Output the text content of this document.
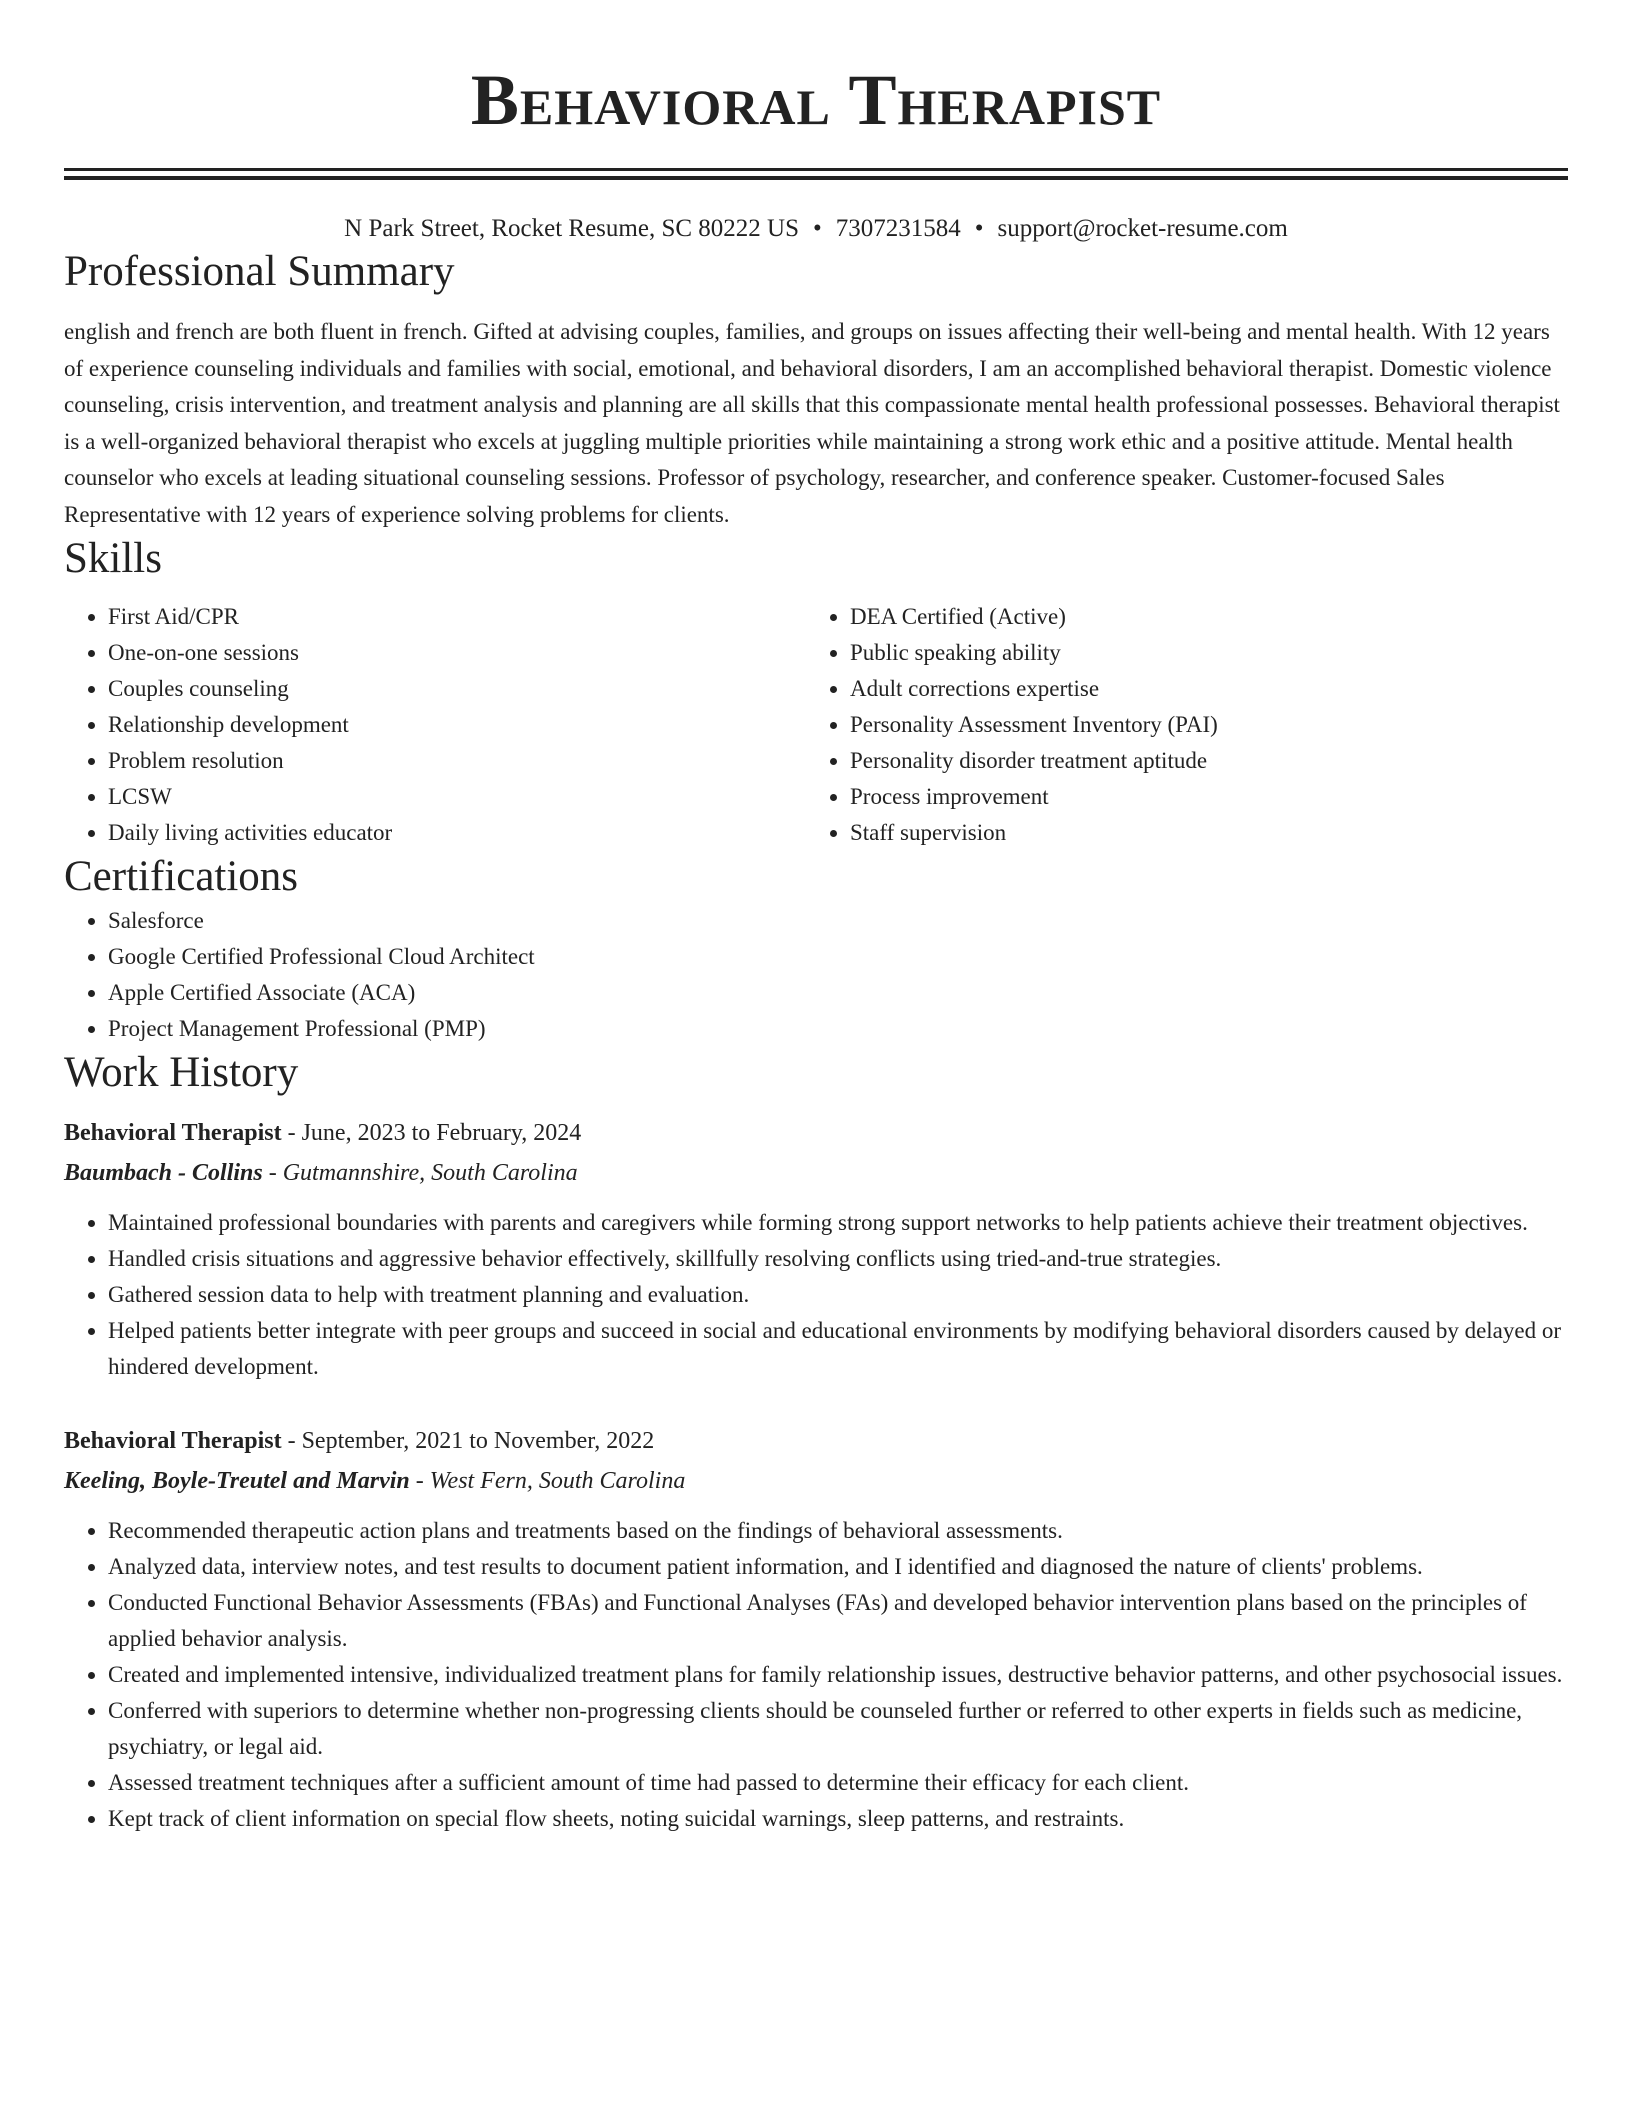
Behavioral Therapist
N Park Street, Rocket Resume, SC 80222 US • 7307231584 • support@rocket-resume.com
Professional Summary

english and french are both fluent in french. Gifted at advising couples, families, and groups on issues affecting their well-being and mental health. With 12 years of experience counseling individuals and families with social, emotional, and behavioral disorders, I am an accomplished behavioral therapist. Domestic violence counseling, crisis intervention, and treatment analysis and planning are all skills that this compassionate mental health professional possesses. Behavioral therapist is a well-organized behavioral therapist who excels at juggling multiple priorities while maintaining a strong work ethic and a positive attitude. Mental health counselor who excels at leading situational counseling sessions. Professor of psychology, researcher, and conference speaker. Customer-focused Sales Representative with 12 years of experience solving problems for clients.

Skills
• First Aid/CPR
• One-on-one sessions
• Couples counseling
• Relationship development
• Problem resolution
• LCSW
• Daily living activities educator
• DEA Certified (Active)
• Public speaking ability
• Adult corrections expertise
• Personality Assessment Inventory (PAI)
• Personality disorder treatment aptitude
• Process improvement
• Staff supervision
Certifications
• Salesforce
• Google Certified Professional Cloud Architect
• Apple Certified Associate (ACA)
• Project Management Professional (PMP)
Work History
Behavioral Therapist - June, 2023 to February, 2024
Baumbach - Collins - Gutmannshire, South Carolina
• Maintained professional boundaries with parents and caregivers while forming strong support networks to help patients achieve their treatment objectives.
• Handled crisis situations and aggressive behavior effectively, skillfully resolving conflicts using tried-and-true strategies.
• Gathered session data to help with treatment planning and evaluation.
• Helped patients better integrate with peer groups and succeed in social and educational environments by modifying behavioral disorders caused by delayed or hindered development.
Behavioral Therapist - September, 2021 to November, 2022
Keeling, Boyle-Treutel and Marvin - West Fern, South Carolina
• Recommended therapeutic action plans and treatments based on the findings of behavioral assessments.
• Analyzed data, interview notes, and test results to document patient information, and I identified and diagnosed the nature of clients' problems.
• Conducted Functional Behavior Assessments (FBAs) and Functional Analyses (FAs) and developed behavior intervention plans based on the principles of applied behavior analysis.
• Created and implemented intensive, individualized treatment plans for family relationship issues, destructive behavior patterns, and other psychosocial issues.
• Conferred with superiors to determine whether non-progressing clients should be counseled further or referred to other experts in fields such as medicine, psychiatry, or legal aid.
• Assessed treatment techniques after a sufficient amount of time had passed to determine their efficacy for each client.
• Kept track of client information on special flow sheets, noting suicidal warnings, sleep patterns, and restraints.
